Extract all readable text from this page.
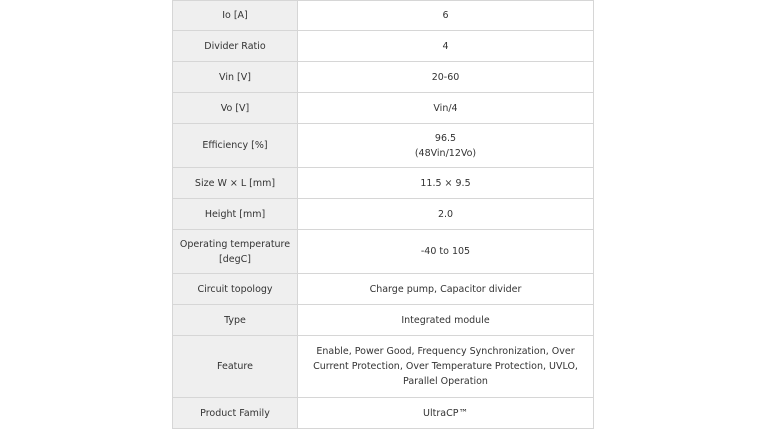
Io [A]	6
Divider Ratio	4
Vin [V]	20-60
Vo [V]	Vin/4
Efficiency [%]	96.5
(48Vin/12Vo)

Size W × L [mm]	11.5 × 9.5
Height [mm]	2.0

Operating temperature
[degC]	-40 to 105
Circuit topology	Charge pump, Capacitor divider
Type	Integrated module
Feature	Enable, Power Good, Frequency Synchronization, Over
Current Protection, Over Temperature Protection, UVLO,
Parallel Operation

Product Family	UltraCP™
